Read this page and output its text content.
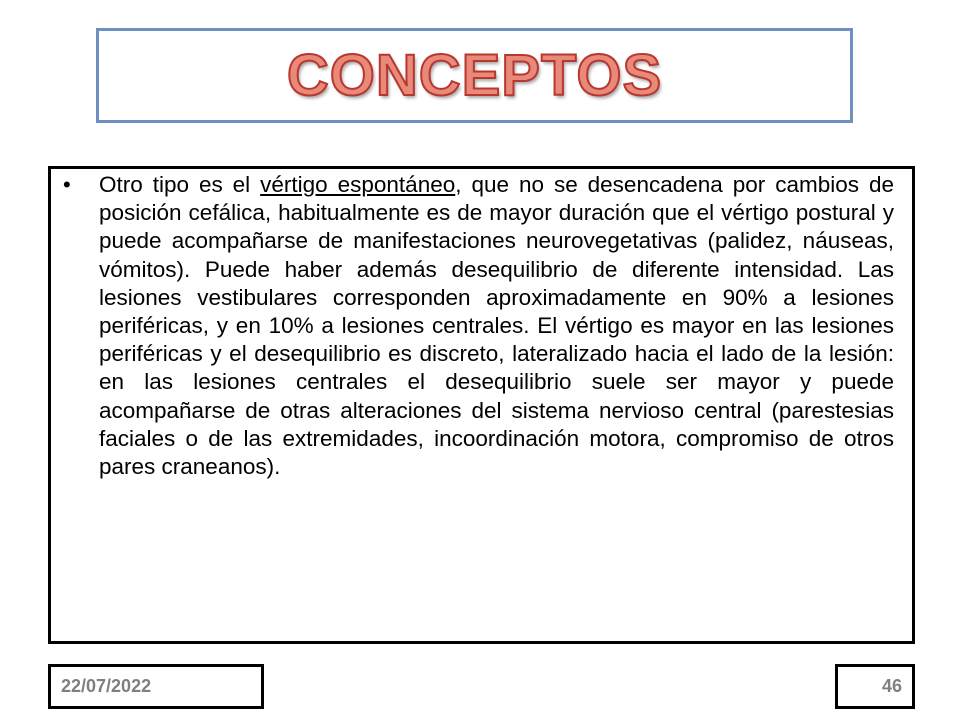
CONCEPTOS
•	Otro tipo es el vértigo espontáneo, que no se desencadena por cambios de posición cefálica, habitualmente es de mayor duración que el vértigo postural y puede acompañarse de manifestaciones neurovegetativas (palidez, náuseas, vómitos). Puede haber además desequilibrio de diferente intensidad. Las lesiones vestibulares corresponden aproximadamente en 90% a lesiones periféricas, y en 10% a lesiones centrales. El vértigo es mayor en las lesiones periféricas y el desequilibrio es discreto, lateralizado hacia el lado de la lesión: en las lesiones centrales el desequilibrio suele ser mayor y puede acompañarse de otras alteraciones del sistema nervioso central (parestesias faciales o de las extremidades, incoordinación motora, compromiso de otros pares craneanos).

22/07/2022	46
